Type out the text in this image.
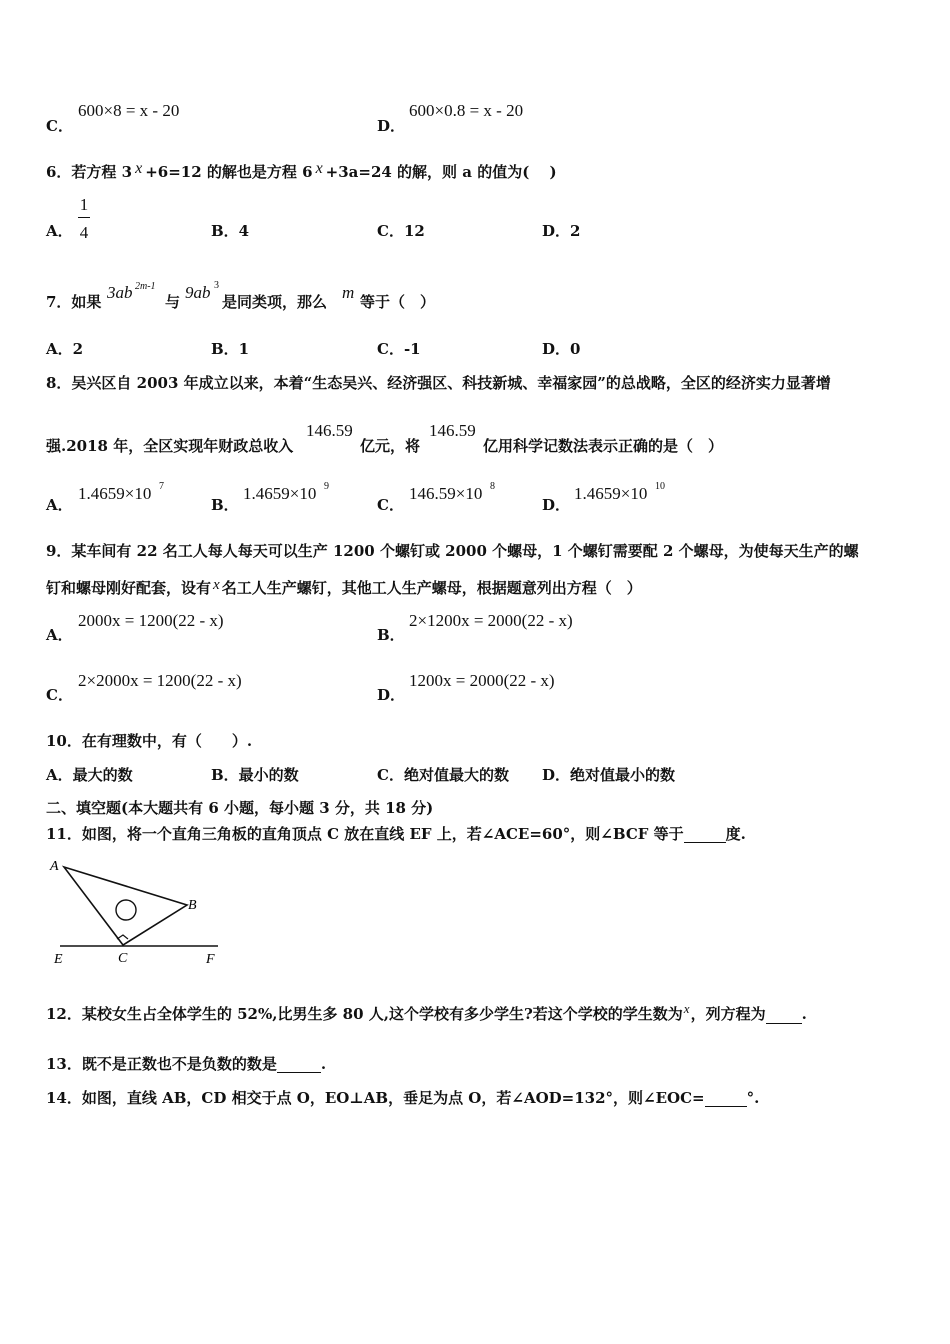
C．
600×8 = x - 20
D．
600×0.8 = x - 20
6．若方程 3 x +6=12 的解也是方程 6 x +3a=24 的解，则 a 的值为(　 )
A．
1
4	B．4	C．12	D．2
7．如果 3ab 2m-1
与 9ab 3
是同类项，那么 m 等于（　）
A．2	B．1	C．-1	D．0
8．吴兴区自 2003 年成立以来，本着“生态吴兴、经济强区、科技新城、幸福家园”的总战略，全区的经济实力显著增
强.2018 年，全区实现年财政总收入
146.59
亿元，将
146.59
亿用科学记数法表示正确的是（　）
A．
1.4659×10 7
B．
1.4659×10 9
C．
146.59×10 8
D．
1.4659×10 10
9．某车间有 22 名工人每人每天可以生产 1200 个螺钉或 2000 个螺母，1 个螺钉需要配 2 个螺母，为使每天生产的螺
钉和螺母刚好配套，设有 x 名工人生产螺钉，其他工人生产螺母，根据题意列出方程（　）
A．
2000x = 1200(22 - x)
B．
2×1200x = 2000(22 - x)
C．
2×2000x = 1200(22 - x)
D．
1200x = 2000(22 - x)
10．在有理数中，有（　　）.
A．最大的数	B．最小的数	C．绝对值最大的数 D．绝对值最小的数
二、填空题(本大题共有 6 小题，每小题 3 分，共 18 分)
11．如图，将一个直角三角板的直角顶点 C 放在直线 EF 上，若∠ACE=60°，则∠BCF 等于	度.
A
B
C
E	F
12．某校女生占全体学生的 52%,比男生多 80 人,这个学校有多少学生?若这个学校的学生数为x，列方程为 .
13．既不是正数也不是负数的数是	.
14．如图，直线 AB，CD 相交于点 O，EO⊥AB，垂足为点 O，若∠AOD=132°，则∠EOC=	°.
